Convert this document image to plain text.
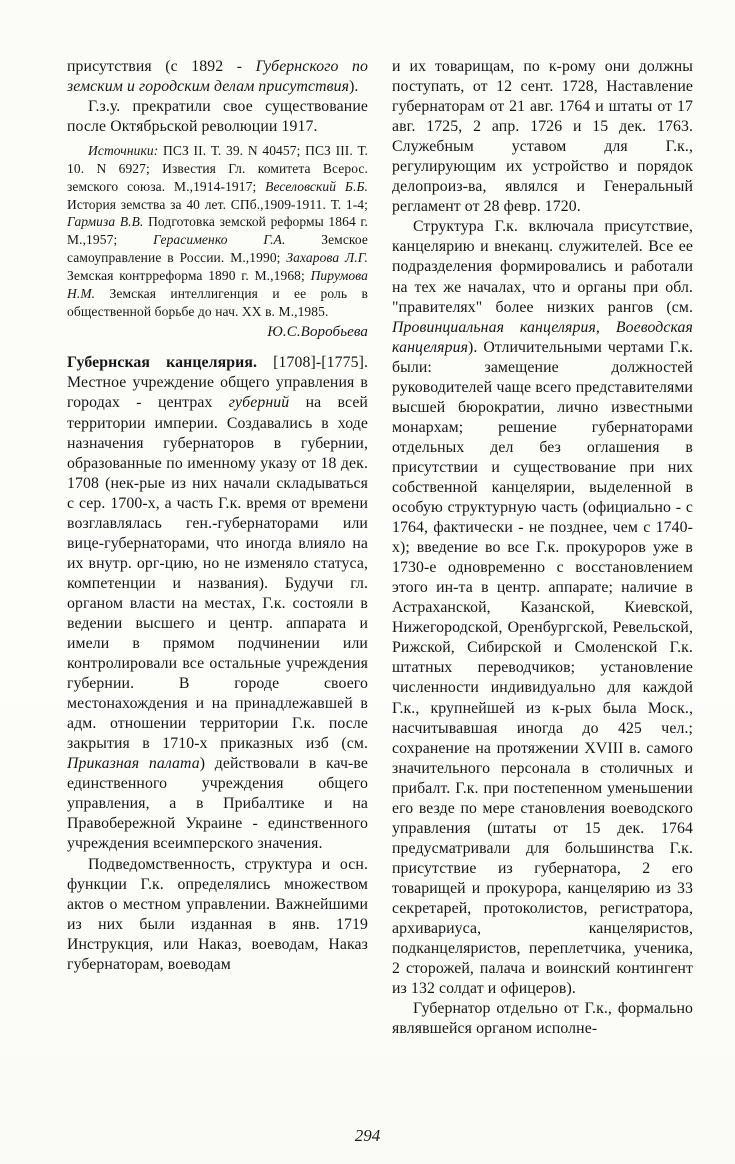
присутствия (с 1892 - Губернского по земским и городским делам присутствия).

Г.з.у. прекратили свое существование после Октябрьской революции 1917.

Источники: ПСЗ II. Т. 39. N 40457; ПСЗ III. Т. 10. N 6927; Известия Гл. комитета Всерос. земского союза. М.,1914-1917; Веселовский Б.Б. История земства за 40 лет. СПб.,1909-1911. Т. 1-4; Гармиза В.В. Подготовка земской реформы 1864 г. М.,1957; Герасименко Г.А. Земское самоуправление в России. М.,1990; Захарова Л.Г. Земская контрреформа 1890 г. М.,1968; Пирумова Н.М. Земская интеллигенция и ее роль в общественной борьбе до нач. XX в. М.,1985.

Ю.С.Воробьева

Губернская канцелярия. [1708]-[1775]. Местное учреждение общего управления в городах - центрах губерний на всей территории империи. Создавались в ходе назначения губернаторов в губернии, образованные по именному указу от 18 дек. 1708 (нек-рые из них начали складываться с сер. 1700-х, а часть Г.к. время от времени возглавлялась ген.-губернаторами или вице-губернаторами, что иногда влияло на их внутр. орг-цию, но не изменяло статуса, компетенции и названия). Будучи гл. органом власти на местах, Г.к. состояли в ведении высшего и центр. аппарата и имели в прямом подчинении или контролировали все остальные учреждения губернии. В городе своего местонахождения и на принадлежавшей в адм. отношении территории Г.к. после закрытия в 1710-х приказных изб (см. Приказная палата) действовали в кач-ве единственного учреждения общего управления, а в Прибалтике и на Правобережной Украине - единственного учреждения всеимперского значения.

Подведомственность, структура и осн. функции Г.к. определялись множеством актов о местном управлении. Важнейшими из них были изданная в янв. 1719 Инструкция, или Наказ, воеводам, Наказ губернаторам, воеводам

и их товарищам, по к-рому они должны поступать, от 12 сент. 1728, Наставление губернаторам от 21 авг. 1764 и штаты от 17 авг. 1725, 2 апр. 1726 и 15 дек. 1763. Служебным уставом для Г.к., регулирующим их устройство и порядок делопроиз-ва, являлся и Генеральный регламент от 28 февр. 1720.

Структура Г.к. включала присутствие, канцелярию и внеканц. служителей. Все ее подразделения формировались и работали на тех же началах, что и органы при обл. "правителях" более низких рангов (см. Провинциальная канцелярия, Воеводская канцелярия). Отличительными чертами Г.к. были: замещение должностей руководителей чаще всего представителями высшей бюрократии, лично известными монархам; решение губернаторами отдельных дел без оглашения в присутствии и существование при них собственной канцелярии, выделенной в особую структурную часть (официально - с 1764, фактически - не позднее, чем с 1740-х); введение во все Г.к. прокуроров уже в 1730-е одновременно с восстановлением этого ин-та в центр. аппарате; наличие в Астраханской, Казанской, Киевской, Нижегородской, Оренбургской, Ревельской, Рижской, Сибирской и Смоленской Г.к. штатных переводчиков; установление численности индивидуально для каждой Г.к., крупнейшей из к-рых была Моск., насчитывавшая иногда до 425 чел.; сохранение на протяжении XVIII в. самого значительного персонала в столичных и прибалт. Г.к. при постепенном уменьшении его везде по мере становления воеводского управления (штаты от 15 дек. 1764 предусматривали для большинства Г.к. присутствие из губернатора, 2 его товарищей и прокурора, канцелярию из 33 секретарей, протоколистов, регистратора, архивариуса, канцеляристов, подканцеляристов, переплетчика, ученика, 2 сторожей, палача и воинский контингент из 132 солдат и офицеров).

Губернатор отдельно от Г.к., формально являвшейся органом исполне-

294
